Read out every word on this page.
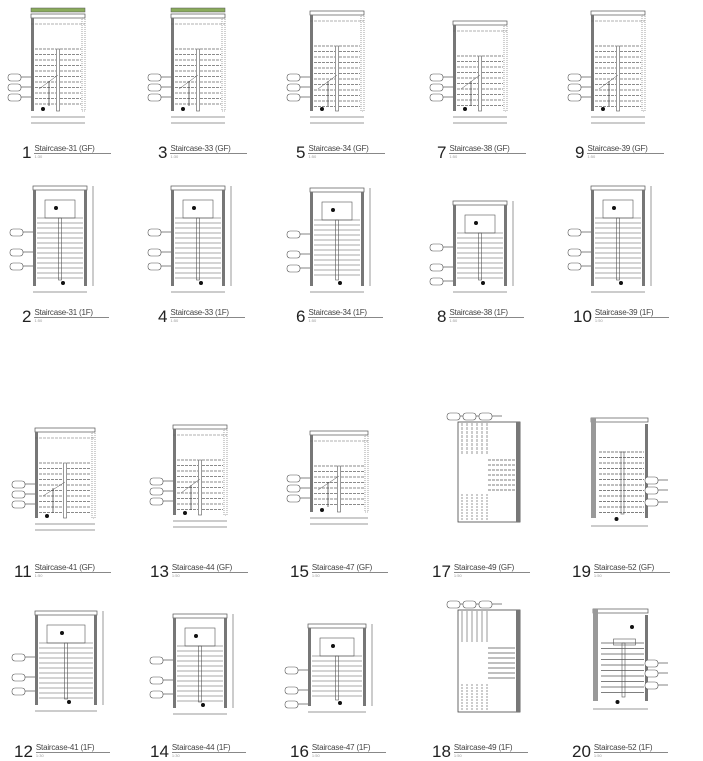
1 Staircase-31 (GF)
1:30	3 Staircase-33 (GF)
1:30	5 Staircase-34 (GF)
1:50	7 Staircase-38 (GF)
1:50	9 Staircase-39 (GF)
1:50
2 Staircase-31 (1F)
1:50	4 Staircase-33 (1F)
1:50	6 Staircase-34 (1F)
1:50	8 Staircase-38 (1F)
1:50	10 Staircase-39 (1F)
1:50
11 Staircase-41 (GF)
1:50	13 Staircase-44 (GF)
1:50	15 Staircase-47 (GF)
1:50	17 Staircase-49 (GF)
1:50	19 Staircase-52 (GF)
1:50
12 Staircase-41 (1F)
1:30	14 Staircase-44 (1F)
1:30	16 Staircase-47 (1F)
1:50	18 Staircase-49 (1F)
1:50	20 Staircase-52 (1F)
1:50
